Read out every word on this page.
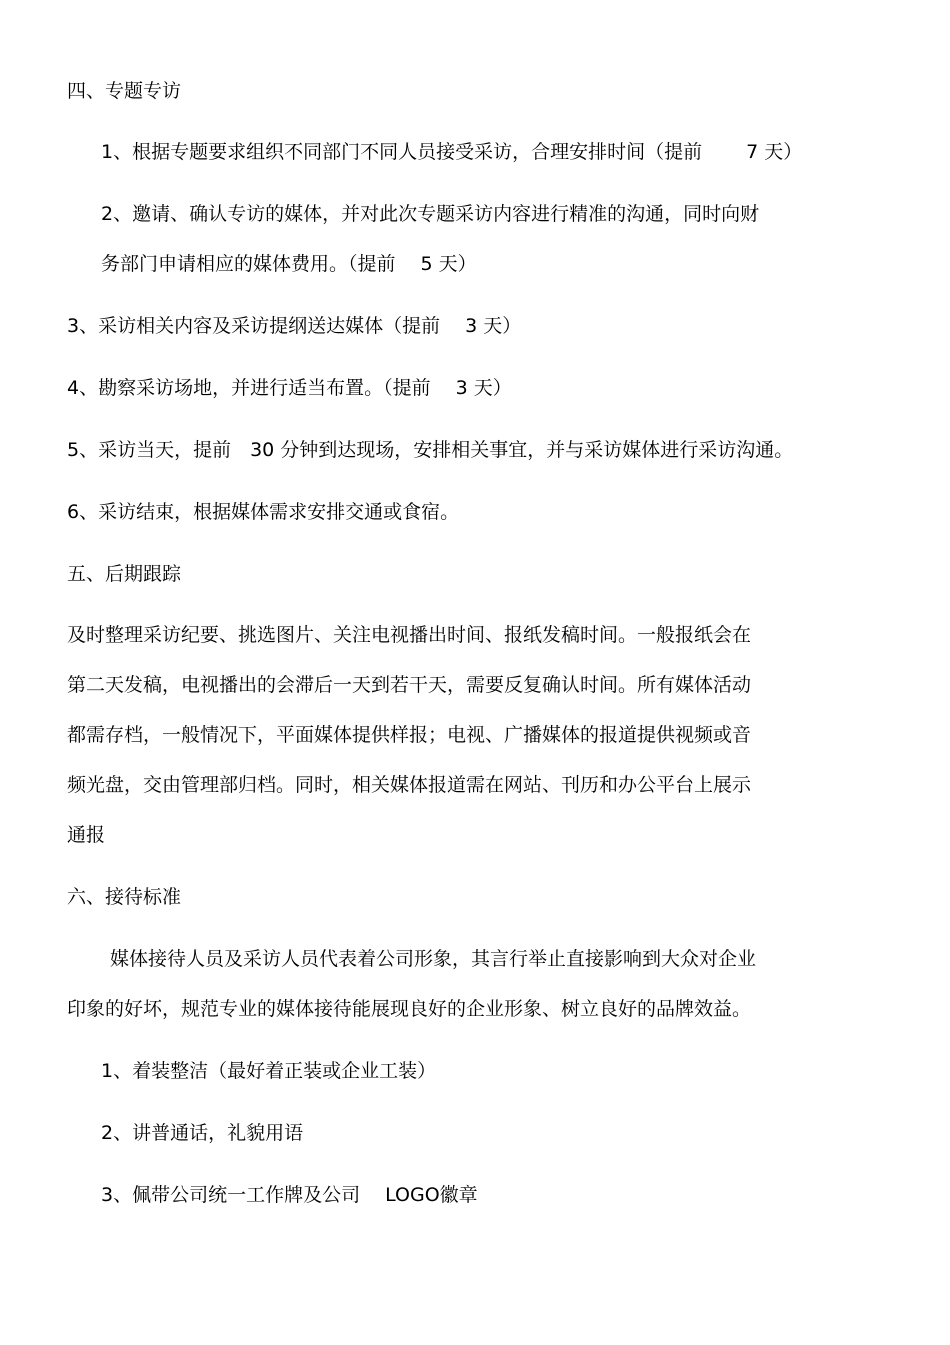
四、专题专访
1、根据专题要求组织不同部门不同人员接受采访，合理安排时间（提前　　 7 天）
2、邀请、确认专访的媒体，并对此次专题采访内容进行精准的沟通，同时向财
务部门申请相应的媒体费用。（提前　 5 天）
3、采访相关内容及采访提纲送达媒体（提前　 3 天）
4、勘察采访场地，并进行适当布置。（提前　 3 天）
5、采访当天，提前　30 分钟到达现场，安排相关事宜，并与采访媒体进行采访沟通。
6、采访结束，根据媒体需求安排交通或食宿。
五、后期跟踪
及时整理采访纪要、挑选图片、关注电视播出时间、报纸发稿时间。一般报纸会在
第二天发稿，电视播出的会滞后一天到若干天，需要反复确认时间。所有媒体活动
都需存档，一般情况下，平面媒体提供样报；电视、广播媒体的报道提供视频或音
频光盘，交由管理部归档。同时，相关媒体报道需在网站、刊历和办公平台上展示
通报
六、接待标准
媒体接待人员及采访人员代表着公司形象，其言行举止直接影响到大众对企业
印象的好坏，规范专业的媒体接待能展现良好的企业形象、树立良好的品牌效益。
1、着装整洁（最好着正装或企业工装）
2、讲普通话，礼貌用语
3、佩带公司统一工作牌及公司　 LOGO徽章
